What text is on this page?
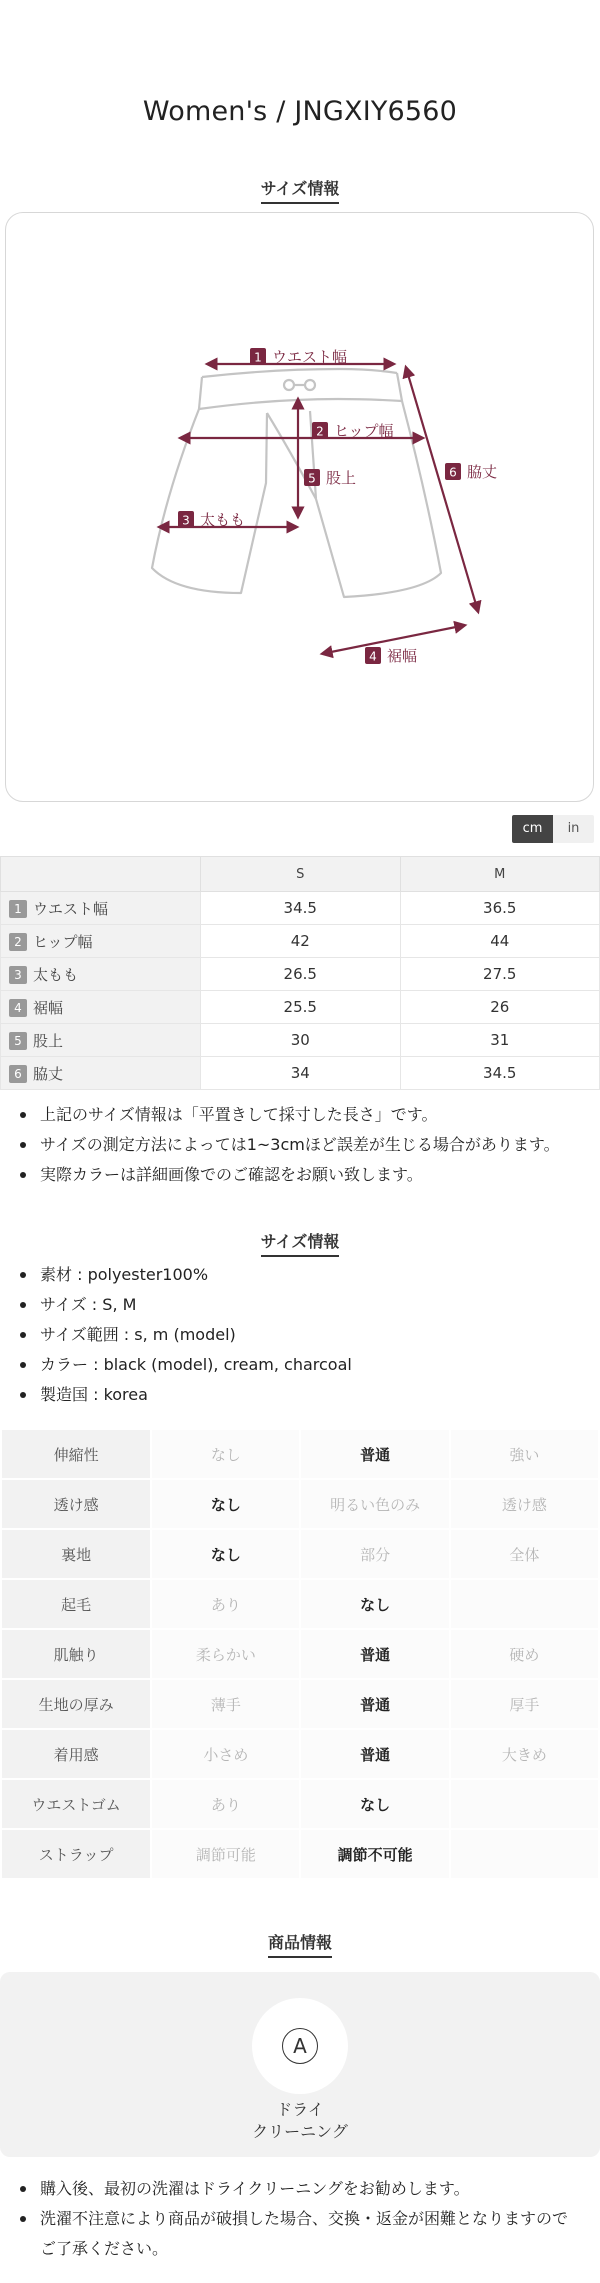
Women's / JNGXIY6560
サイズ情報
1 ウエスト幅
2 ヒップ幅
5 股上
3 太もも
6 脇丈
4 裾幅
cm	in
	S	M
1 ウエスト幅	34.5	36.5
2 ヒップ幅	42	44
3 太もも	26.5	27.5
4 裾幅	25.5	26
5 股上	30	31
6 脇丈	34	34.5
上記のサイズ情報は「平置きして採寸した長さ」です。
サイズの測定方法によっては1~3cmほど誤差が生じる場合があります。
実際カラーは詳細画像でのご確認をお願い致します。
サイズ情報
素材 : polyester100%
サイズ : S, M
サイズ範囲 : s, m (model)
カラー : black (model), cream, charcoal
製造国 : korea
伸縮性	なし	普通	強い
透け感	なし	明るい色のみ	透け感
裏地	なし	部分	全体
起毛	あり	なし	
肌触り	柔らかい	普通	硬め
生地の厚み	薄手	普通	厚手
着用感	小さめ	普通	大きめ
ウエストゴム	あり	なし	
ストラップ	調節可能	調節不可能	
商品情報
A
ドライ
クリーニング
購入後、最初の洗濯はドライクリーニングをお勧めします。
洗濯不注意により商品が破損した場合、交換・返金が困難となりますので
ご了承ください。
